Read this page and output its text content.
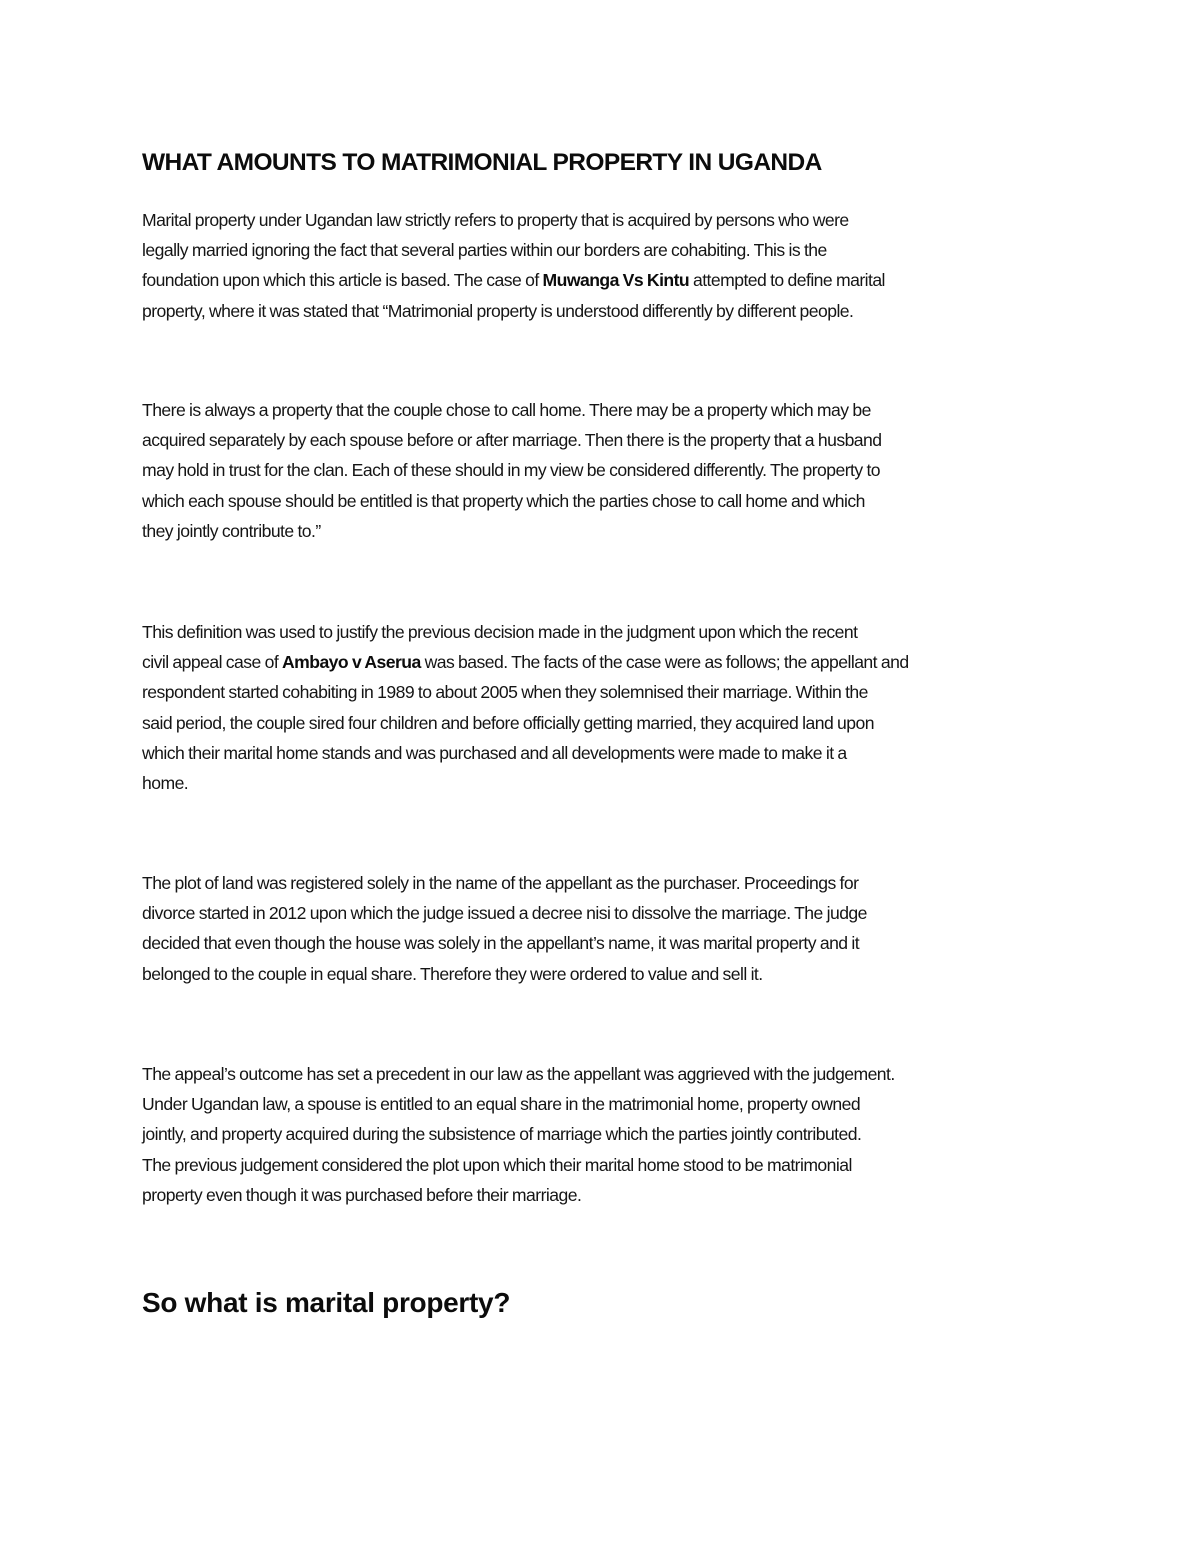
WHAT AMOUNTS TO MATRIMONIAL PROPERTY IN UGANDA
Marital property under Ugandan law strictly refers to property that is acquired by persons who were
legally married ignoring the fact that several parties within our borders are cohabiting. This is the
foundation upon which this article is based. The case of Muwanga Vs Kintu attempted to define marital
property, where it was stated that “Matrimonial property is understood differently by different people.
There is always a property that the couple chose to call home. There may be a property which may be
acquired separately by each spouse before or after marriage. Then there is the property that a husband
may hold in trust for the clan. Each of these should in my view be considered differently. The property to
which each spouse should be entitled is that property which the parties chose to call home and which
they jointly contribute to.”
This definition was used to justify the previous decision made in the judgment upon which the recent
civil appeal case of Ambayo v Aserua was based. The facts of the case were as follows; the appellant and
respondent started cohabiting in 1989 to about 2005 when they solemnised their marriage. Within the
said period, the couple sired four children and before officially getting married, they acquired land upon
which their marital home stands and was purchased and all developments were made to make it a
home.
The plot of land was registered solely in the name of the appellant as the purchaser. Proceedings for
divorce started in 2012 upon which the judge issued a decree nisi to dissolve the marriage. The judge
decided that even though the house was solely in the appellant’s name, it was marital property and it
belonged to the couple in equal share. Therefore they were ordered to value and sell it.
The appeal’s outcome has set a precedent in our law as the appellant was aggrieved with the judgement.
Under Ugandan law, a spouse is entitled to an equal share in the matrimonial home, property owned
jointly, and property acquired during the subsistence of marriage which the parties jointly contributed.
The previous judgement considered the plot upon which their marital home stood to be matrimonial
property even though it was purchased before their marriage.
So what is marital property?
